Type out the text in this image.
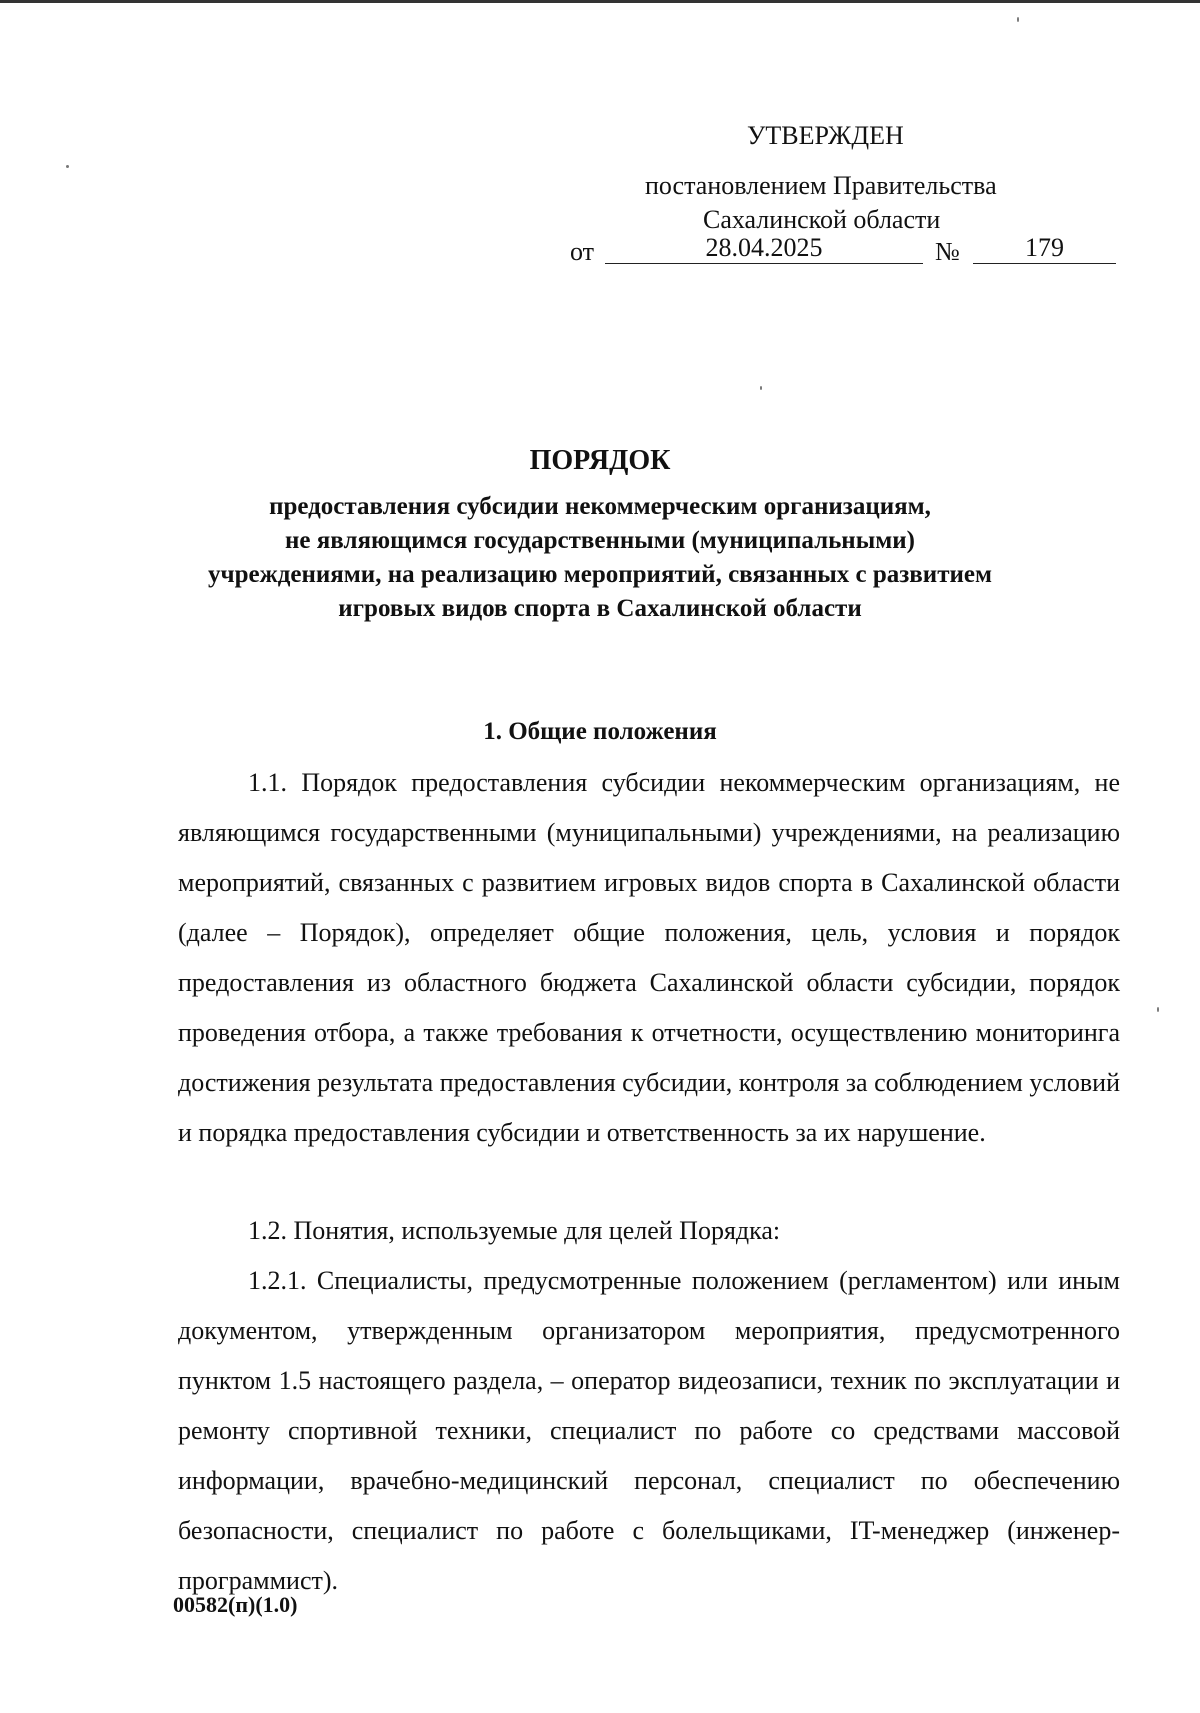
УТВЕРЖДЕН
постановлением Правительства
Сахалинской области
от	28.04.2025	№	179
ПОРЯДОК
предоставления субсидии некоммерческим организациям,
не являющимся государственными (муниципальными)
учреждениями, на реализацию мероприятий, связанных с развитием
игровых видов спорта в Сахалинской области
1. Общие положения
1.1. Порядок предоставления субсидии некоммерческим организациям, не являющимся государственными (муниципальными) учреждениями, на реализацию мероприятий, связанных с развитием игровых видов спорта в Сахалинской области (далее – Порядок), определяет общие положения, цель, условия и порядок предоставления из областного бюджета Сахалинской области субсидии, порядок проведения отбора, а также требования к отчетности, осуществлению мониторинга достижения результата предоставления субсидии, контроля за соблюдением условий и порядка предоставления субсидии и ответственность за их нарушение.
1.2. Понятия, используемые для целей Порядка:
1.2.1. Специалисты, предусмотренные положением (регламентом) или иным документом, утвержденным организатором мероприятия, предусмотренного пунктом 1.5 настоящего раздела, – оператор видеозаписи, техник по эксплуатации и ремонту спортивной техники, специалист по работе со средствами массовой информации, врачебно-медицинский персонал, специалист по обеспечению безопасности, специалист по работе с болельщиками, IT-менеджер (инженер-программист).
00582(п)(1.0)
